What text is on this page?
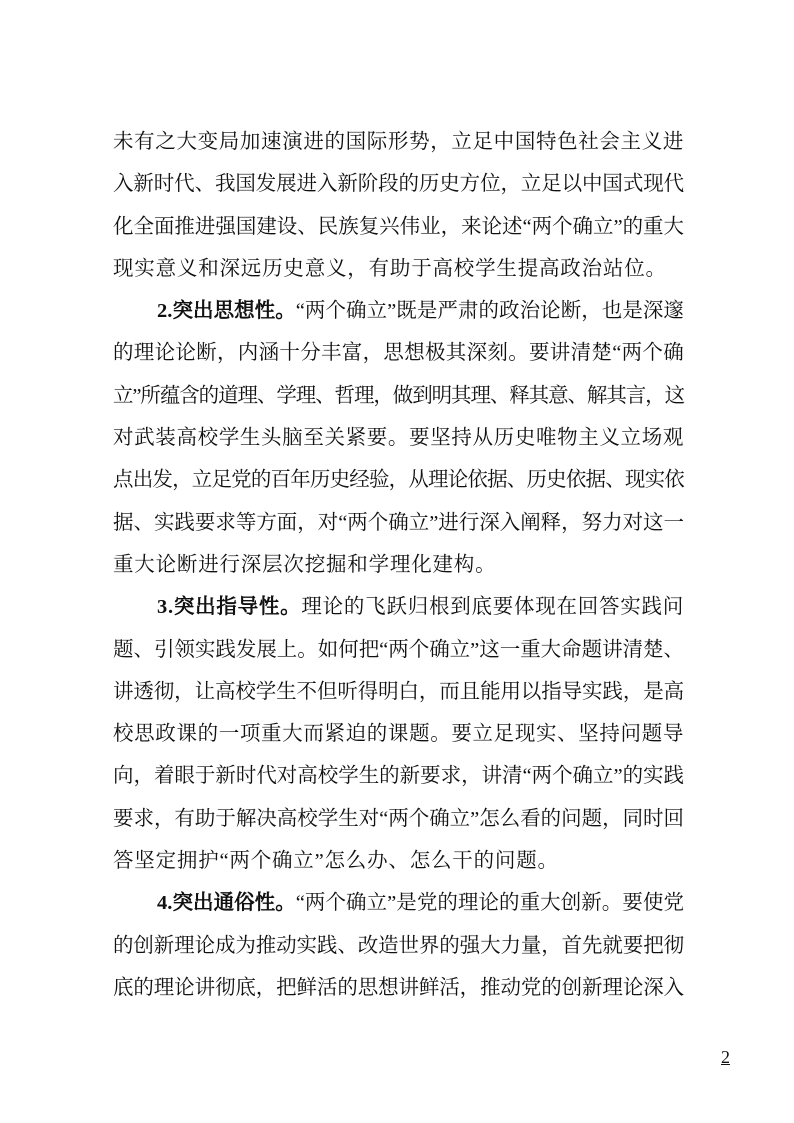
未有之大变局加速演进的国际形势，立足中国特色社会主义进
入新时代、我国发展进入新阶段的历史方位，立足以中国式现代
化全面推进强国建设、民族复兴伟业，来论述“两个确立”的重大
现实意义和深远历史意义，有助于高校学生提高政治站位。
2.突出思想性。“两个确立”既是严肃的政治论断，也是深邃
的理论论断，内涵十分丰富，思想极其深刻。要讲清楚“两个确
立”所蕴含的道理、学理、哲理，做到明其理、释其意、解其言，这
对武装高校学生头脑至关紧要。要坚持从历史唯物主义立场观
点出发，立足党的百年历史经验，从理论依据、历史依据、现实依
据、实践要求等方面，对“两个确立”进行深入阐释，努力对这一
重大论断进行深层次挖掘和学理化建构。
3.突出指导性。理论的飞跃归根到底要体现在回答实践问
题、引领实践发展上。如何把“两个确立”这一重大命题讲清楚、
讲透彻，让高校学生不但听得明白，而且能用以指导实践，是高
校思政课的一项重大而紧迫的课题。要立足现实、坚持问题导
向，着眼于新时代对高校学生的新要求，讲清“两个确立”的实践
要求，有助于解决高校学生对“两个确立”怎么看的问题，同时回
答坚定拥护“两个确立”怎么办、怎么干的问题。
4.突出通俗性。“两个确立”是党的理论的重大创新。要使党
的创新理论成为推动实践、改造世界的强大力量，首先就要把彻
底的理论讲彻底，把鲜活的思想讲鲜活，推动党的创新理论深入
2
